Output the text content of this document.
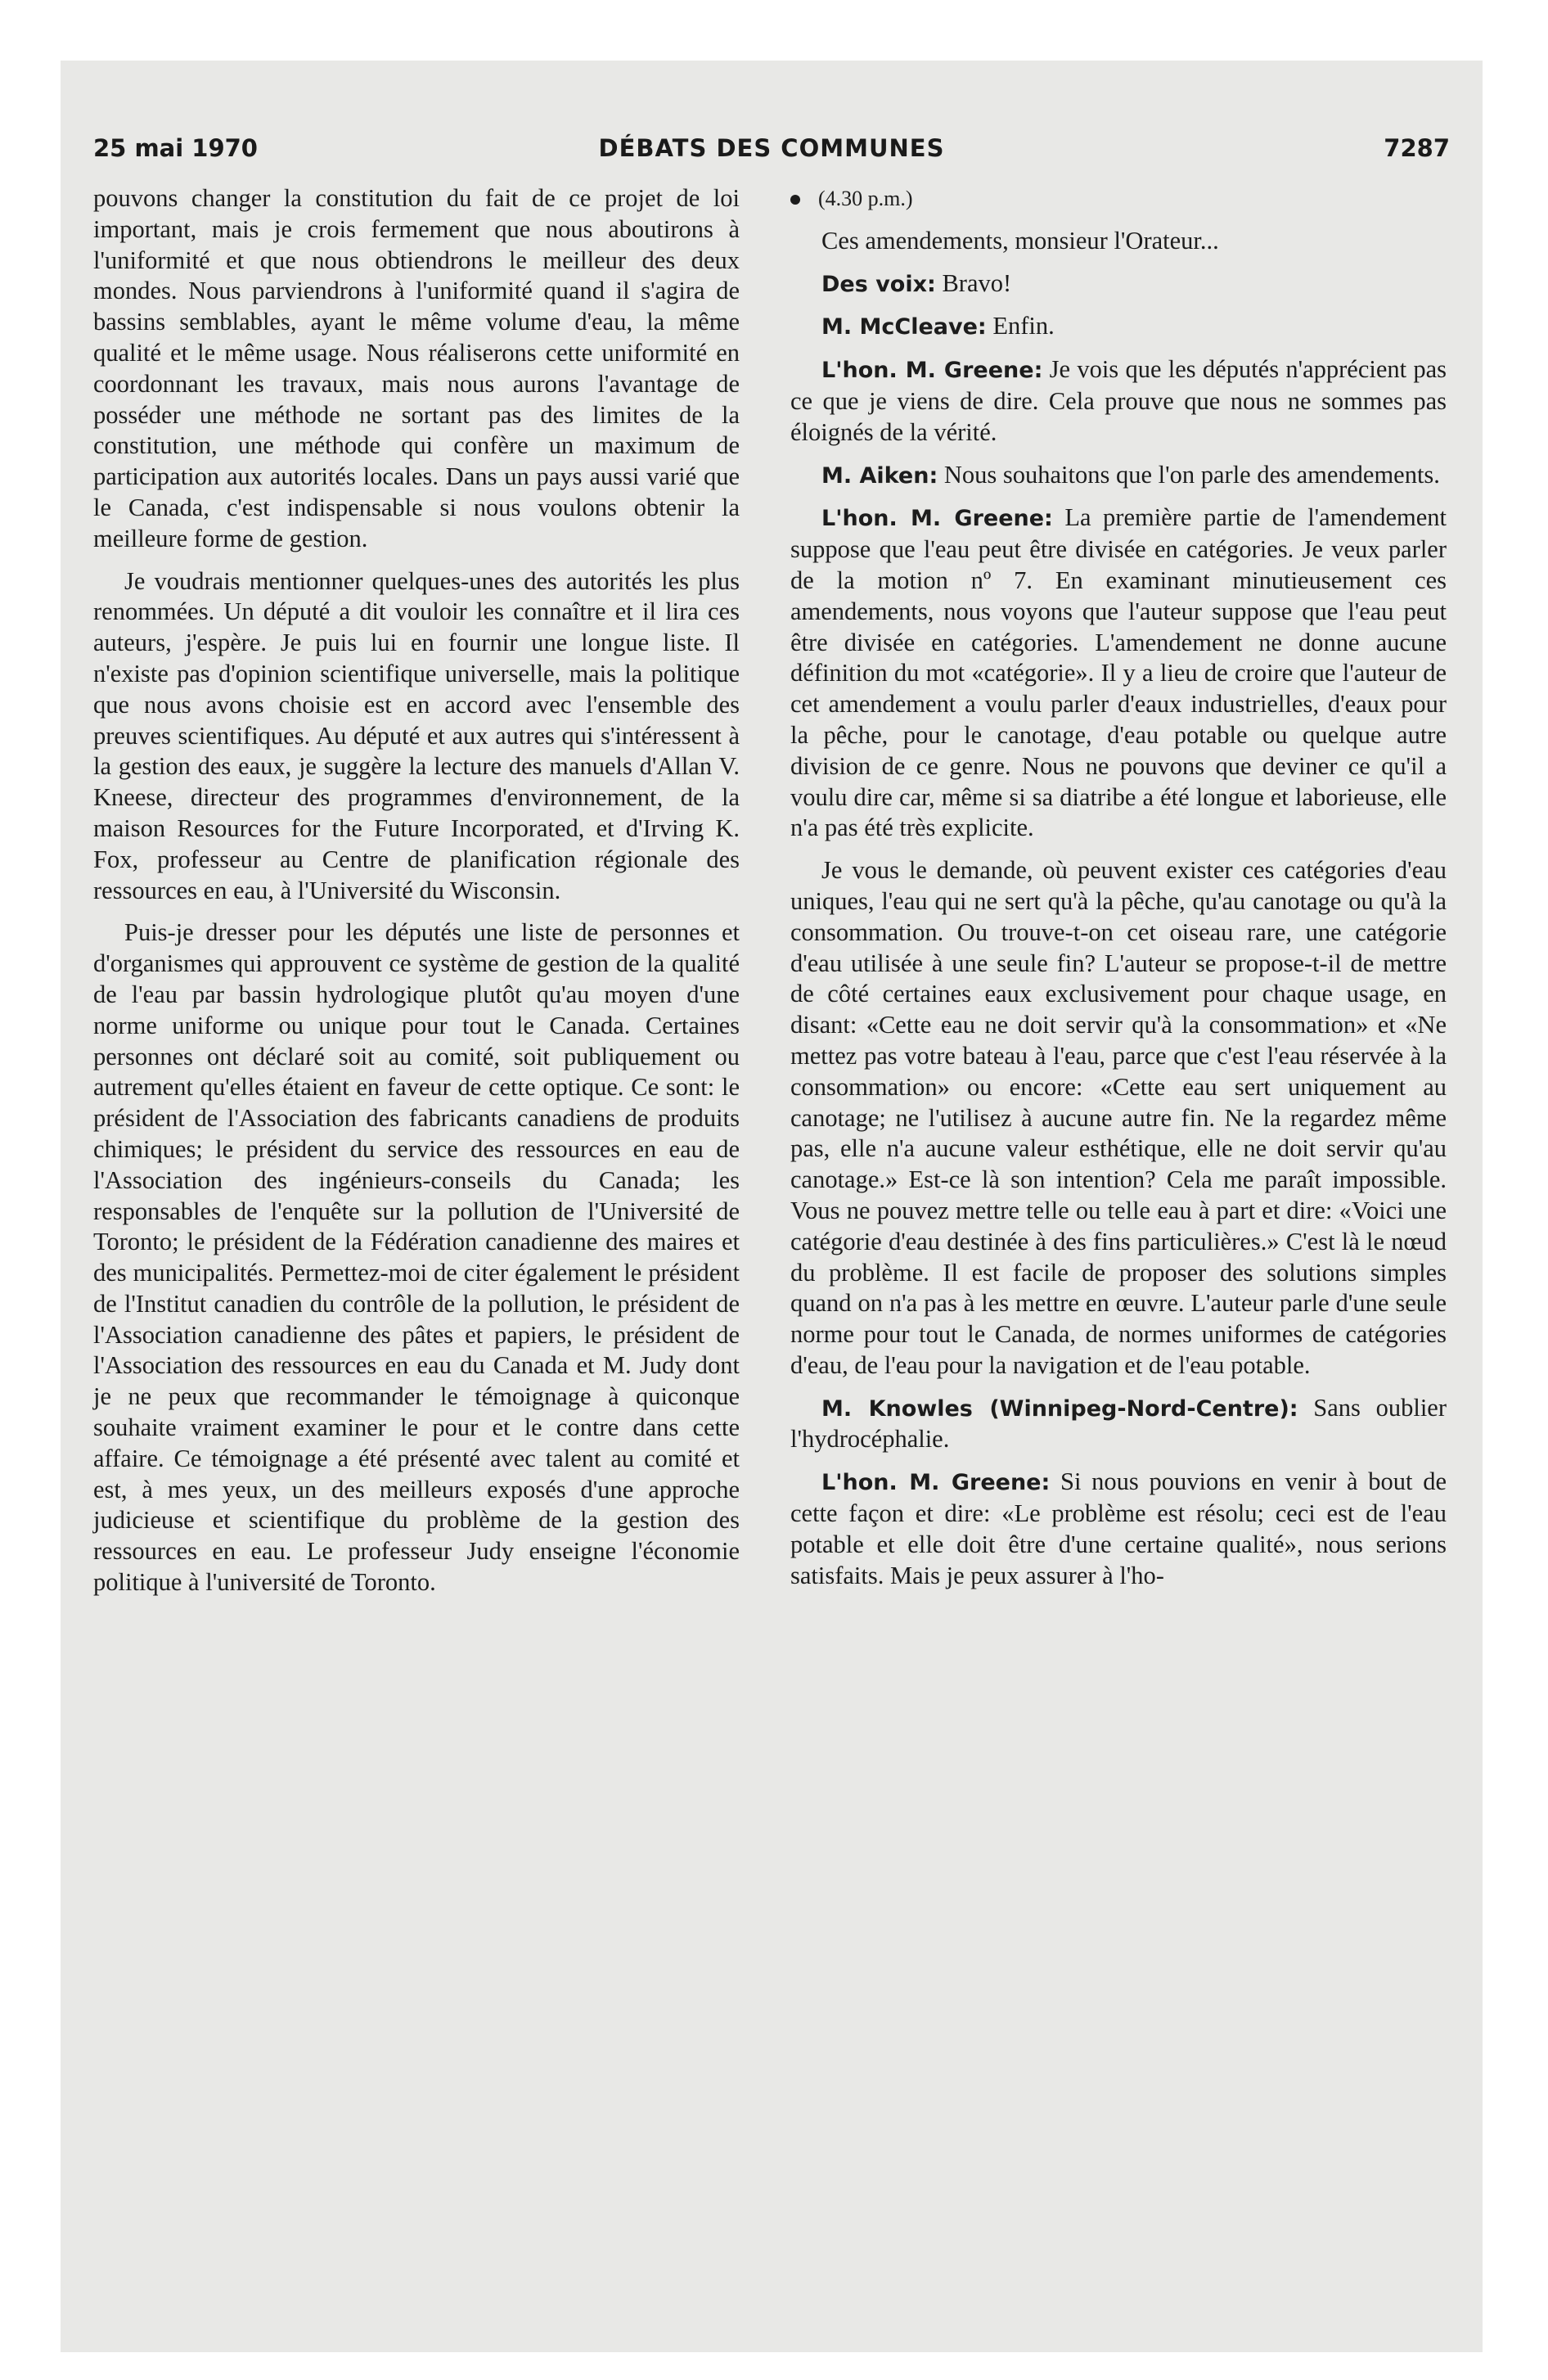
25 mai 1970	DÉBATS DES COMMUNES	7287

pouvons changer la constitution du fait de ce projet de loi important, mais je crois fermement que nous aboutirons à l'uniformité et que nous obtiendrons le meilleur des deux mondes. Nous parviendrons à l'uniformité quand il s'agira de bassins semblables, ayant le même volume d'eau, la même qualité et le même usage. Nous réaliserons cette uniformité en coordonnant les travaux, mais nous aurons l'avantage de posséder une méthode ne sortant pas des limites de la constitution, une méthode qui confère un maximum de participation aux autorités locales. Dans un pays aussi varié que le Canada, c'est indispensable si nous voulons obtenir la meilleure forme de gestion.

Je voudrais mentionner quelques-unes des autorités les plus renommées. Un député a dit vouloir les connaître et il lira ces auteurs, j'espère. Je puis lui en fournir une longue liste. Il n'existe pas d'opinion scientifique universelle, mais la politique que nous avons choisie est en accord avec l'ensemble des preuves scientifiques. Au député et aux autres qui s'intéressent à la gestion des eaux, je suggère la lecture des manuels d'Allan V. Kneese, directeur des programmes d'environnement, de la maison Resources for the Future Incorporated, et d'Irving K. Fox, professeur au Centre de planification régionale des ressources en eau, à l'Université du Wisconsin.

Puis-je dresser pour les députés une liste de personnes et d'organismes qui approuvent ce système de gestion de la qualité de l'eau par bassin hydrologique plutôt qu'au moyen d'une norme uniforme ou unique pour tout le Canada. Certaines personnes ont déclaré soit au comité, soit publiquement ou autrement qu'elles étaient en faveur de cette optique. Ce sont: le président de l'Association des fabricants canadiens de produits chimiques; le président du service des ressources en eau de l'Association des ingénieurs-conseils du Canada; les responsables de l'enquête sur la pollution de l'Université de Toronto; le président de la Fédération canadienne des maires et des municipalités. Permettez-moi de citer également le président de l'Institut canadien du contrôle de la pollution, le président de l'Association canadienne des pâtes et papiers, le président de l'Association des ressources en eau du Canada et M. Judy dont je ne peux que recommander le témoignage à quiconque souhaite vraiment examiner le pour et le contre dans cette affaire. Ce témoignage a été présenté avec talent au comité et est, à mes yeux, un des meilleurs exposés d'une approche judicieuse et scientifique du problème de la gestion des ressources en eau. Le professeur Judy enseigne l'économie politique à l'université de Toronto.

(4.30 p.m.)

Ces amendements, monsieur l'Orateur...

Des voix: Bravo!

M. McCleave: Enfin.

L'hon. M. Greene: Je vois que les députés n'apprécient pas ce que je viens de dire. Cela prouve que nous ne sommes pas éloignés de la vérité.

M. Aiken: Nous souhaitons que l'on parle des amendements.

L'hon. M. Greene: La première partie de l'amendement suppose que l'eau peut être divisée en catégories. Je veux parler de la motion nº 7. En examinant minutieusement ces amendements, nous voyons que l'auteur suppose que l'eau peut être divisée en catégories. L'amendement ne donne aucune définition du mot «catégorie». Il y a lieu de croire que l'auteur de cet amendement a voulu parler d'eaux industrielles, d'eaux pour la pêche, pour le canotage, d'eau potable ou quelque autre division de ce genre. Nous ne pouvons que deviner ce qu'il a voulu dire car, même si sa diatribe a été longue et laborieuse, elle n'a pas été très explicite.

Je vous le demande, où peuvent exister ces catégories d'eau uniques, l'eau qui ne sert qu'à la pêche, qu'au canotage ou qu'à la consommation. Ou trouve-t-on cet oiseau rare, une catégorie d'eau utilisée à une seule fin? L'auteur se propose-t-il de mettre de côté certaines eaux exclusivement pour chaque usage, en disant: «Cette eau ne doit servir qu'à la consommation» et «Ne mettez pas votre bateau à l'eau, parce que c'est l'eau réservée à la consommation» ou encore: «Cette eau sert uniquement au canotage; ne l'utilisez à aucune autre fin. Ne la regardez même pas, elle n'a aucune valeur esthétique, elle ne doit servir qu'au canotage.» Est-ce là son intention? Cela me paraît impossible. Vous ne pouvez mettre telle ou telle eau à part et dire: «Voici une catégorie d'eau destinée à des fins particulières.» C'est là le nœud du problème. Il est facile de proposer des solutions simples quand on n'a pas à les mettre en œuvre. L'auteur parle d'une seule norme pour tout le Canada, de normes uniformes de catégories d'eau, de l'eau pour la navigation et de l'eau potable.

M. Knowles (Winnipeg-Nord-Centre): Sans oublier l'hydrocéphalie.

L'hon. M. Greene: Si nous pouvions en venir à bout de cette façon et dire: «Le problème est résolu; ceci est de l'eau potable et elle doit être d'une certaine qualité», nous serions satisfaits. Mais je peux assurer à l'ho-
